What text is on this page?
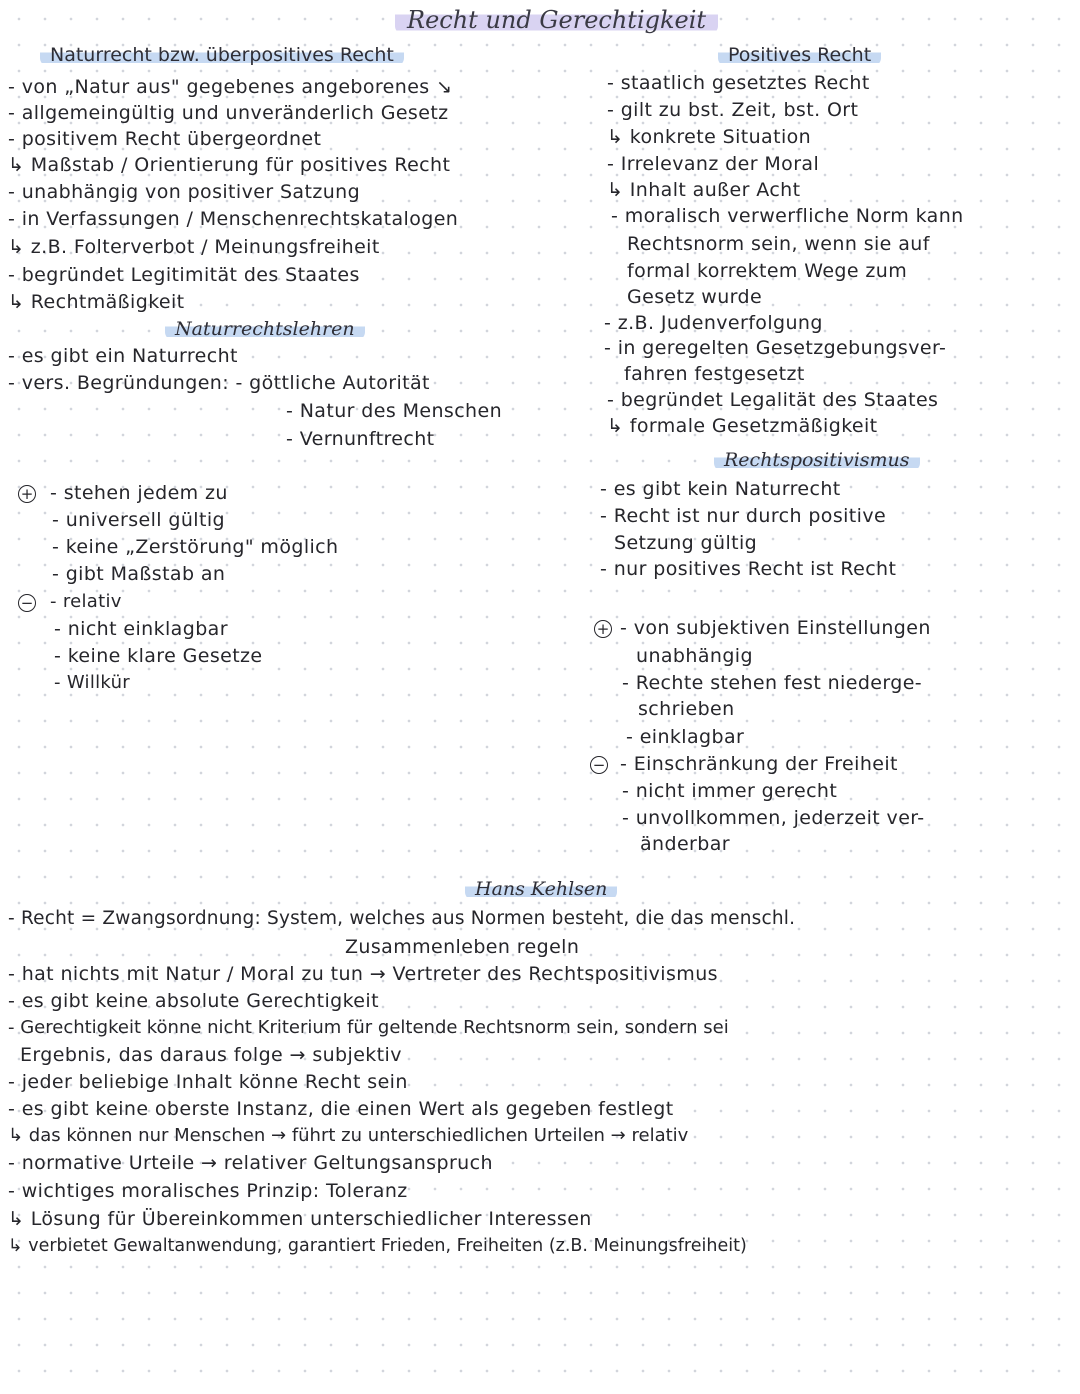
Recht und Gerechtigkeit
Naturrecht bzw. überpositives Recht
- von „Natur aus" gegebenes angeborenes ↘
- allgemeingültig und unveränderlich Gesetz
- positivem Recht übergeordnet
↳ Maßstab / Orientierung für positives Recht
- unabhängig von positiver Satzung
- in Verfassungen / Menschenrechtskatalogen
↳ z.B. Folterverbot / Meinungsfreiheit
- begründet Legitimität des Staates
↳ Rechtmäßigkeit
Naturrechtslehren
- es gibt ein Naturrecht
- vers. Begründungen: - göttliche Autorität
- Natur des Menschen
- Vernunftrecht
+ - stehen jedem zu
- universell gültig
- keine „Zerstörung" möglich
- gibt Maßstab an
− - relativ
- nicht einklagbar
- keine klare Gesetze
- Willkür
Positives Recht
- staatlich gesetztes Recht
- gilt zu bst. Zeit, bst. Ort
↳ konkrete Situation
- Irrelevanz der Moral
↳ Inhalt außer Acht
- moralisch verwerfliche Norm kann
Rechtsnorm sein, wenn sie auf
formal korrektem Wege zum
Gesetz wurde
- z.B. Judenverfolgung
- in geregelten Gesetzgebungsver-
fahren festgesetzt
- begründet Legalität des Staates
↳ formale Gesetzmäßigkeit
Rechtspositivismus
- es gibt kein Naturrecht
- Recht ist nur durch positive
Setzung gültig
- nur positives Recht ist Recht
+ - von subjektiven Einstellungen
unabhängig
- Rechte stehen fest niederge-
schrieben
- einklagbar
− - Einschränkung der Freiheit
- nicht immer gerecht
- unvollkommen, jederzeit ver-
änderbar
Hans Kehlsen
- Recht = Zwangsordnung: System, welches aus Normen besteht, die das menschl.
Zusammenleben regeln
- hat nichts mit Natur / Moral zu tun → Vertreter des Rechtspositivismus
- es gibt keine absolute Gerechtigkeit
- Gerechtigkeit könne nicht Kriterium für geltende Rechtsnorm sein, sondern sei
Ergebnis, das daraus folge → subjektiv
- jeder beliebige Inhalt könne Recht sein
- es gibt keine oberste Instanz, die einen Wert als gegeben festlegt
↳ das können nur Menschen → führt zu unterschiedlichen Urteilen → relativ
- normative Urteile → relativer Geltungsanspruch
- wichtiges moralisches Prinzip: Toleranz
↳ Lösung für Übereinkommen unterschiedlicher Interessen
↳ verbietet Gewaltanwendung, garantiert Frieden, Freiheiten (z.B. Meinungsfreiheit)
